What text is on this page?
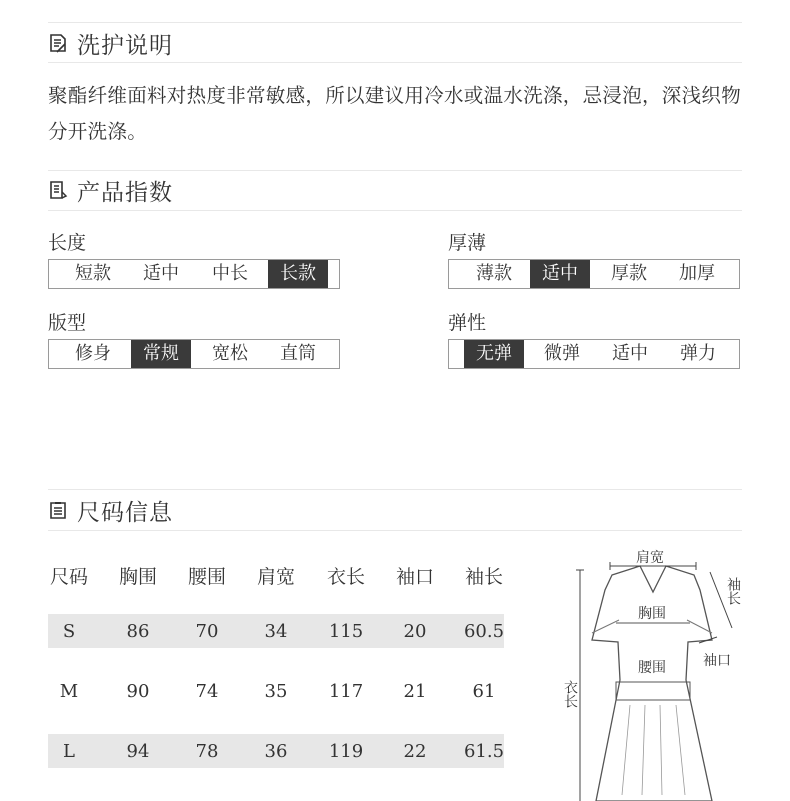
洗护说明
聚酯纤维面料对热度非常敏感，所以建议用冷水或温水洗涤，忌浸泡，深浅织物分开洗涤。
产品指数
长度
短款	适中	中长	长款
厚薄
薄款	适中	厚款	加厚
版型
修身	常规	宽松	直筒
弹性
无弹	微弹	适中	弹力
尺码信息
尺码	胸围	腰围	肩宽	衣长	袖口	袖长
S	86	70	34	115	20	60.5
M	90	74	35	117	21	61
L	94	78	36	119	22	61.5
肩宽
袖长
胸围
袖口
腰围
衣长
